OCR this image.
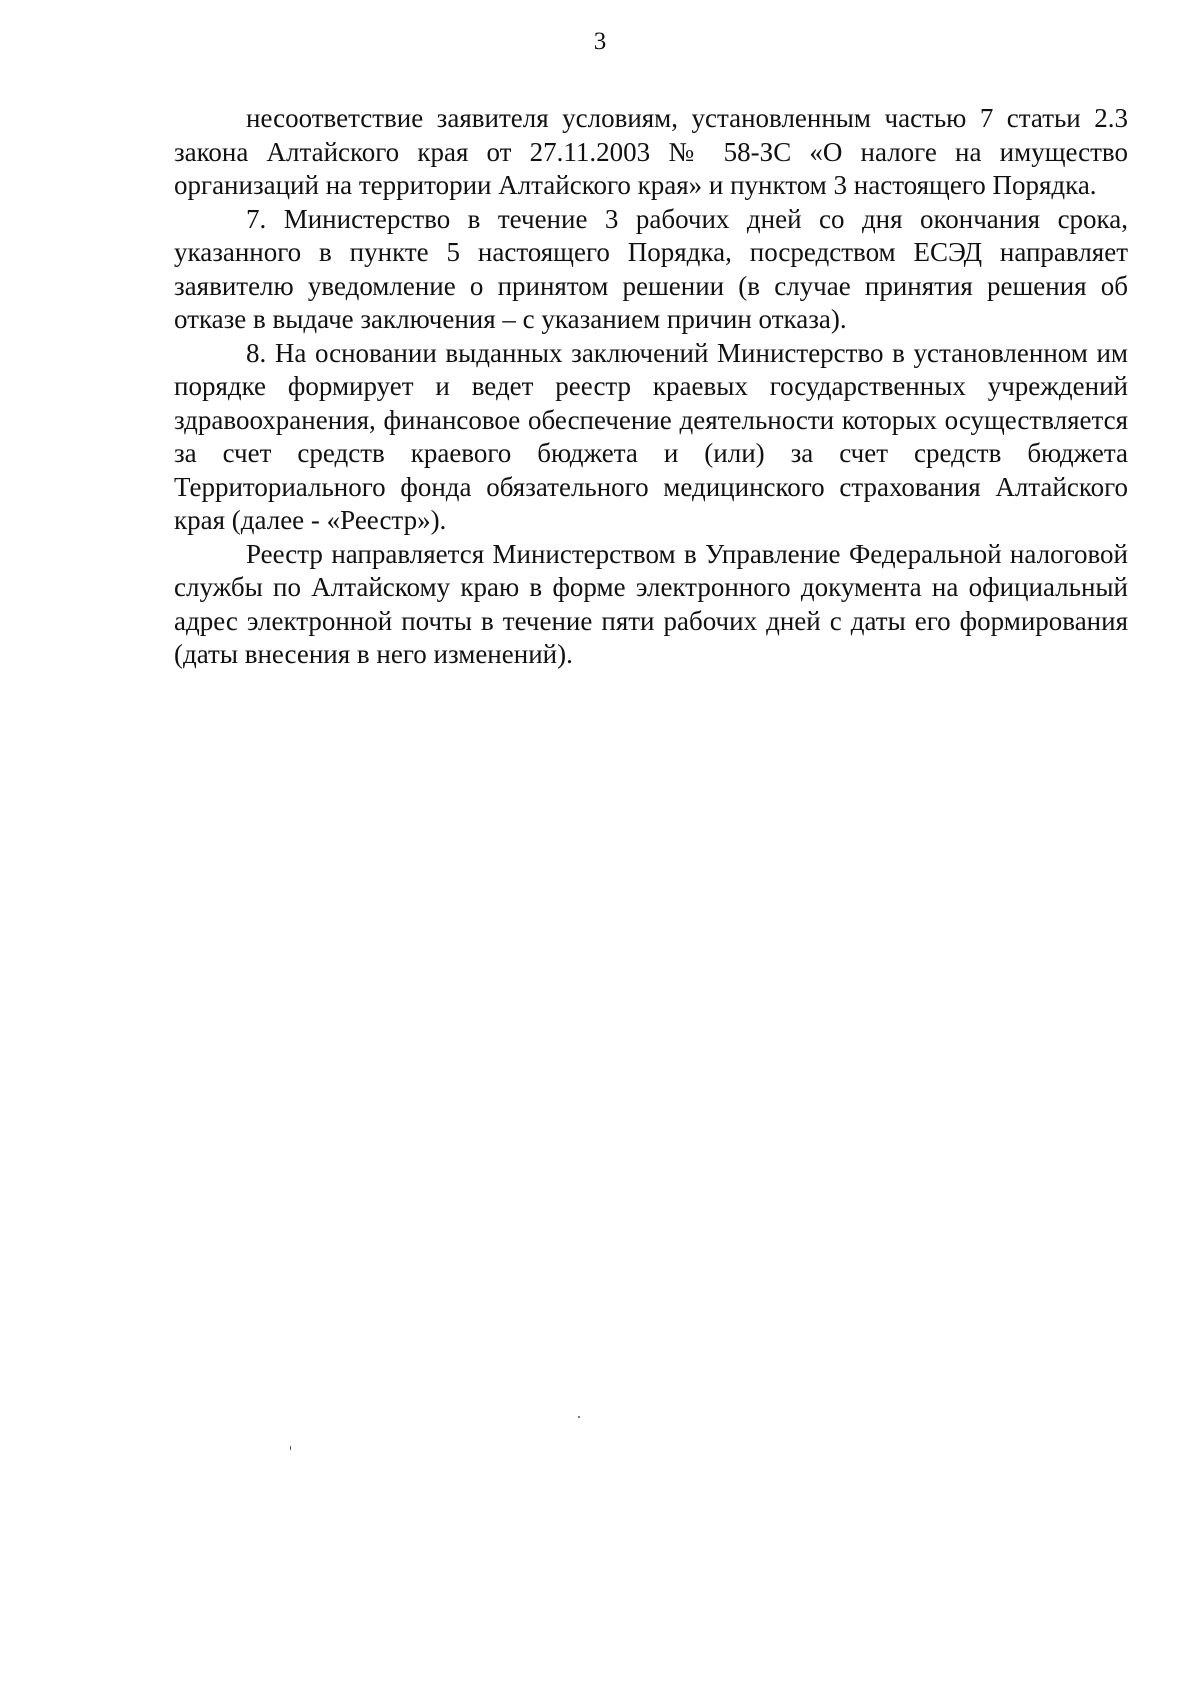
3

несоответствие заявителя условиям, установленным частью 7 статьи 2.3 закона Алтайского края от 27.11.2003 № 58-ЗС «О налоге на имущество организаций на территории Алтайского края» и пунктом 3 настоящего Порядка.

7. Министерство в течение 3 рабочих дней со дня окончания срока, указанного в пункте 5 настоящего Порядка, посредством ЕСЭД направляет заявителю уведомление о принятом решении (в случае принятия решения об отказе в выдаче заключения – с указанием причин отказа).

8. На основании выданных заключений Министерство в установленном им порядке формирует и ведет реестр краевых государственных учреждений здравоохранения, финансовое обеспечение деятельности которых осуществляется за счет средств краевого бюджета и (или) за счет средств бюджета Территориального фонда обязательного медицинского страхования Алтайского края (далее - «Реестр»).

Реестр направляется Министерством в Управление Федеральной налоговой службы по Алтайскому краю в форме электронного документа на официальный адрес электронной почты в течение пяти рабочих дней с даты его формирования (даты внесения в него изменений).
